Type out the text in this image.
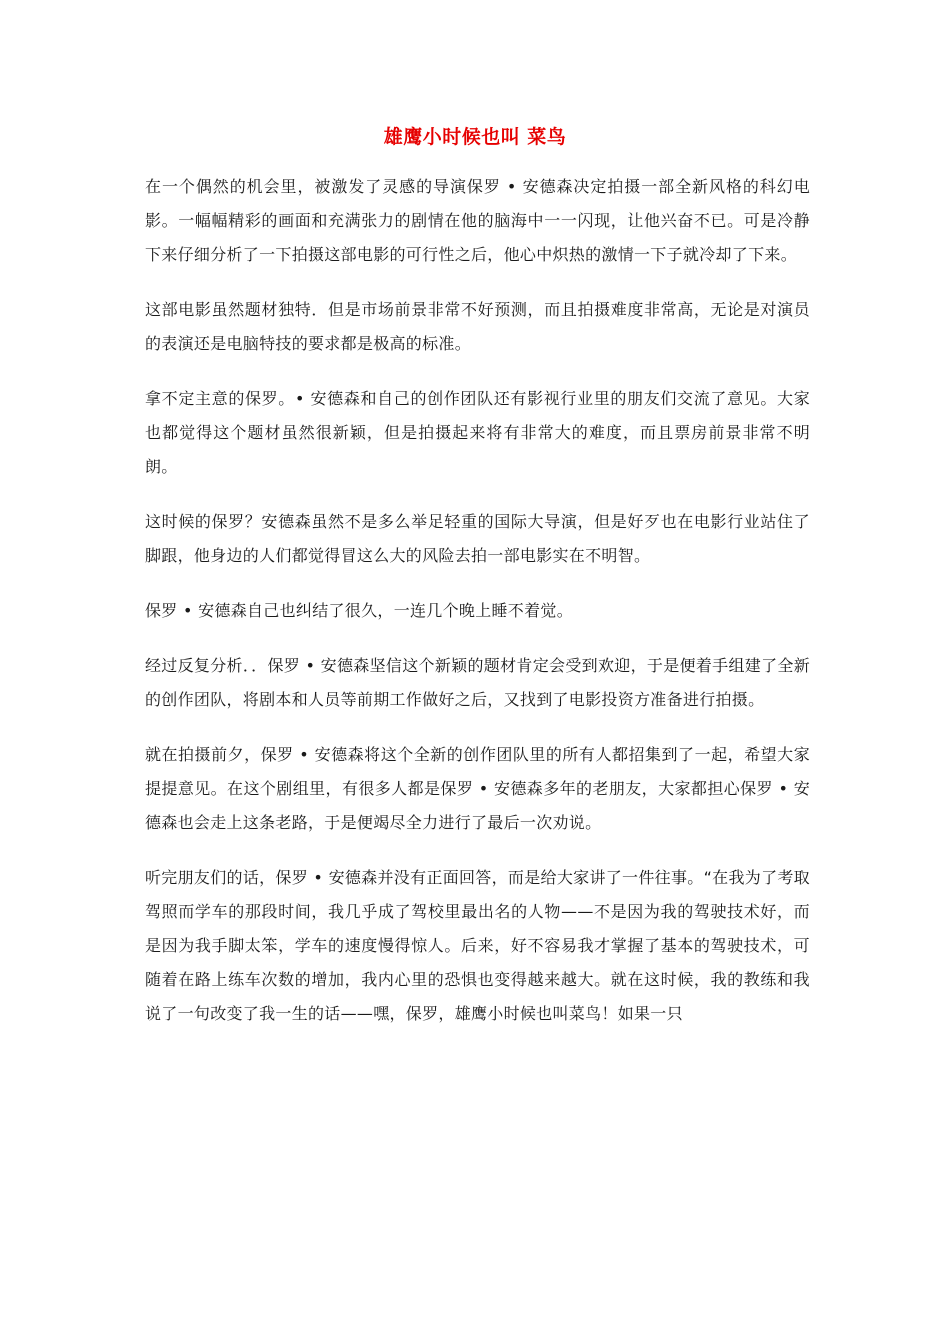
雄鹰小时候也叫 菜鸟

在一个偶然的机会里，被激发了灵感的导演保罗 • 安德森决定拍摄一部全新风格的科幻电影。一幅幅精彩的画面和充满张力的剧情在他的脑海中一一闪现，让他兴奋不已。可是冷静下来仔细分析了一下拍摄这部电影的可行性之后，他心中炽热的激情一下子就冷却了下来。

这部电影虽然题材独特．但是市场前景非常不好预测，而且拍摄难度非常高，无论是对演员的表演还是电脑特技的要求都是极高的标准。

拿不定主意的保罗。• 安德森和自己的创作团队还有影视行业里的朋友们交流了意见。大家也都觉得这个题材虽然很新颖，但是拍摄起来将有非常大的难度，而且票房前景非常不明朗。

这时候的保罗？安德森虽然不是多么举足轻重的国际大导演，但是好歹也在电影行业站住了脚跟，他身边的人们都觉得冒这么大的风险去拍一部电影实在不明智。

保罗 • 安德森自己也纠结了很久，一连几个晚上睡不着觉。

经过反复分析．．保罗 • 安德森坚信这个新颖的题材肯定会受到欢迎，于是便着手组建了全新的创作团队，将剧本和人员等前期工作做好之后，又找到了电影投资方准备进行拍摄。

就在拍摄前夕，保罗 • 安德森将这个全新的创作团队里的所有人都招集到了一起，希望大家提提意见。在这个剧组里，有很多人都是保罗 • 安德森多年的老朋友，大家都担心保罗 • 安德森也会走上这条老路，于是便竭尽全力进行了最后一次劝说。

听完朋友们的话，保罗 • 安德森并没有正面回答，而是给大家讲了一件往事。“在我为了考取驾照而学车的那段时间，我几乎成了驾校里最出名的人物——不是因为我的驾驶技术好，而是因为我手脚太笨，学车的速度慢得惊人。后来，好不容易我才掌握了基本的驾驶技术，可随着在路上练车次数的增加，我内心里的恐惧也变得越来越大。就在这时候，我的教练和我说了一句改变了我一生的话——嘿，保罗，雄鹰小时候也叫菜鸟！如果一只
